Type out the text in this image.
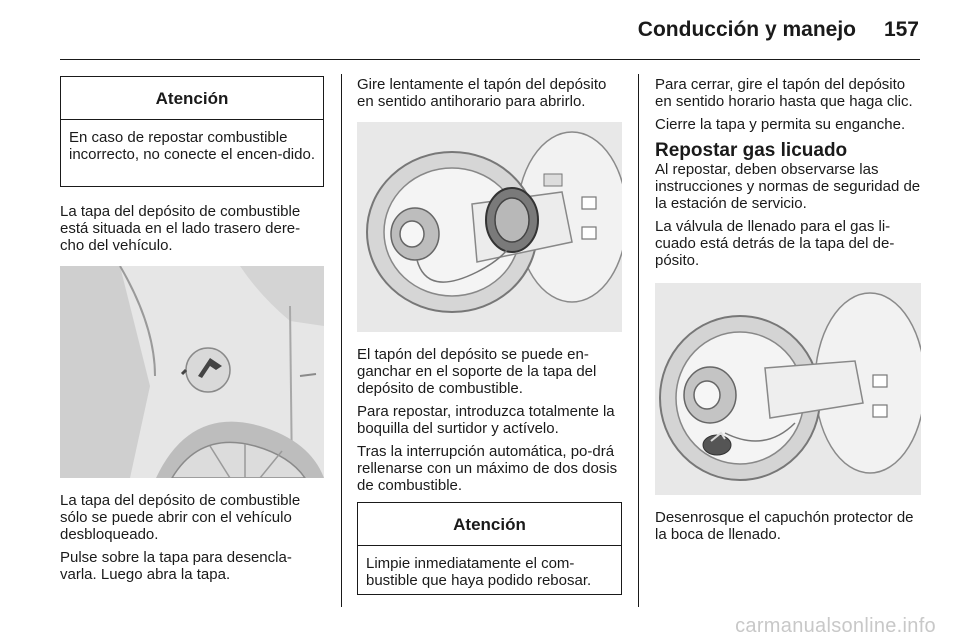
Conducción y manejo 157
Atención
En caso de repostar combustible incorrecto, no conecte el encen-dido.

La tapa del depósito de combustible está situada en el lado trasero dere-cho del vehículo.

La tapa del depósito de combustible sólo se puede abrir con el vehículo desbloqueado.

Pulse sobre la tapa para desencla-varla. Luego abra la tapa.

Gire lentamente el tapón del depósito en sentido antihorario para abrirlo.

El tapón del depósito se puede en-ganchar en el soporte de la tapa del depósito de combustible.

Para repostar, introduzca totalmente la boquilla del surtidor y actívelo.

Tras la interrupción automática, po-drá rellenarse con un máximo de dos dosis de combustible.

Atención
Limpie inmediatamente el com-bustible que haya podido rebosar.

Para cerrar, gire el tapón del depósito en sentido horario hasta que haga clic.

Cierre la tapa y permita su enganche.

Repostar gas licuado

Al repostar, deben observarse las instrucciones y normas de seguridad de la estación de servicio.

La válvula de llenado para el gas li-cuado está detrás de la tapa del de-pósito.

Desenrosque el capuchón protector de la boca de llenado.

carmanualsonline.info
